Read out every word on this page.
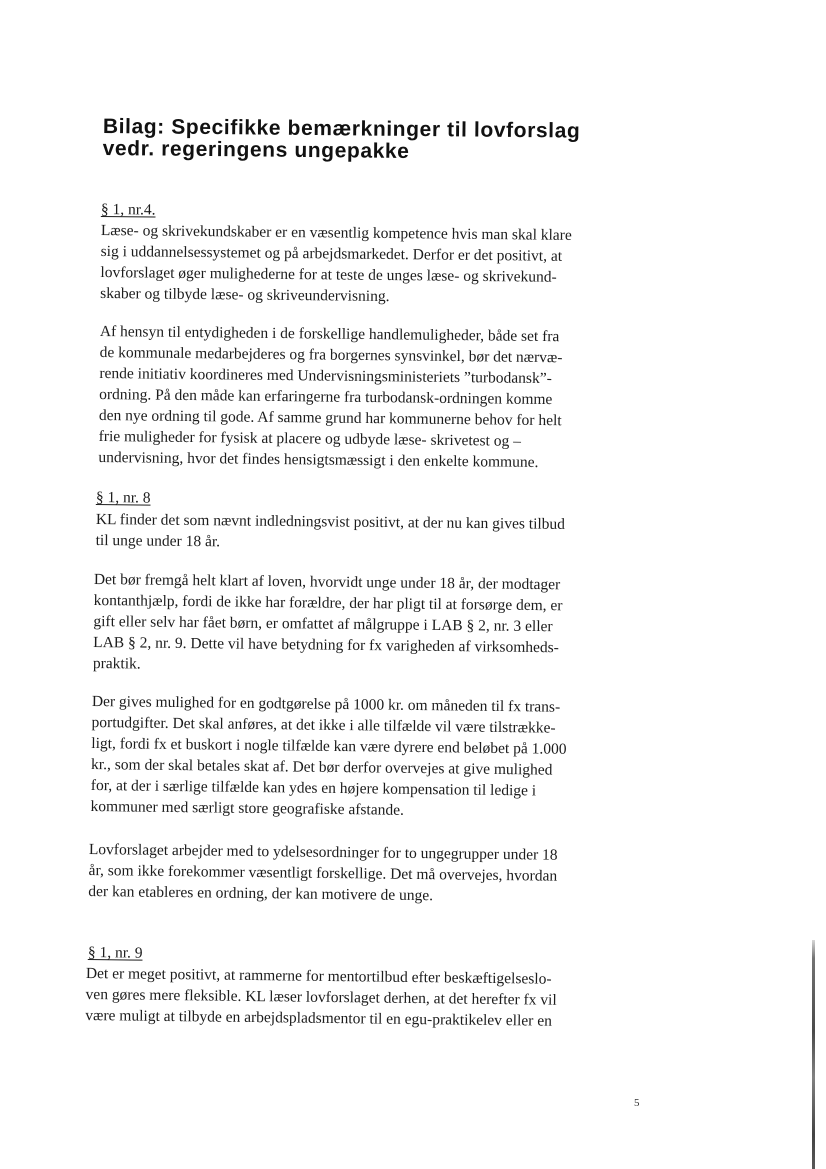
Bilag: Specifikke bemærkninger til lovforslag
vedr. regeringens ungepakke
§ 1, nr.4.
Læse- og skrivekundskaber er en væsentlig kompetence hvis man skal klare
sig i uddannelsessystemet og på arbejdsmarkedet. Derfor er det positivt, at
lovforslaget øger mulighederne for at teste de unges læse- og skrivekund-
skaber og tilbyde læse- og skriveundervisning.
Af hensyn til entydigheden i de forskellige handlemuligheder, både set fra
de kommunale medarbejderes og fra borgernes synsvinkel, bør det nærvæ-
rende initiativ koordineres med Undervisningsministeriets ”turbodansk”-
ordning. På den måde kan erfaringerne fra turbodansk-ordningen komme
den nye ordning til gode. Af samme grund har kommunerne behov for helt
frie muligheder for fysisk at placere og udbyde læse- skrivetest og –
undervisning, hvor det findes hensigtsmæssigt i den enkelte kommune.
§ 1, nr. 8
KL finder det som nævnt indledningsvist positivt, at der nu kan gives tilbud
til unge under 18 år.
Det bør fremgå helt klart af loven, hvorvidt unge under 18 år, der modtager
kontanthjælp, fordi de ikke har forældre, der har pligt til at forsørge dem, er
gift eller selv har fået børn, er omfattet af målgruppe i LAB § 2, nr. 3 eller
LAB § 2, nr. 9. Dette vil have betydning for fx varigheden af virksomheds-
praktik.
Der gives mulighed for en godtgørelse på 1000 kr. om måneden til fx trans-
portudgifter. Det skal anføres, at det ikke i alle tilfælde vil være tilstrække-
ligt, fordi fx et buskort i nogle tilfælde kan være dyrere end beløbet på 1.000
kr., som der skal betales skat af. Det bør derfor overvejes at give mulighed
for, at der i særlige tilfælde kan ydes en højere kompensation til ledige i
kommuner med særligt store geografiske afstande.
Lovforslaget arbejder med to ydelsesordninger for to ungegrupper under 18
år, som ikke forekommer væsentligt forskellige. Det må overvejes, hvordan
der kan etableres en ordning, der kan motivere de unge.
§ 1, nr. 9
Det er meget positivt, at rammerne for mentortilbud efter beskæftigelseslo-
ven gøres mere fleksible. KL læser lovforslaget derhen, at det herefter fx vil
være muligt at tilbyde en arbejdspladsmentor til en egu-praktikelev eller en
5
